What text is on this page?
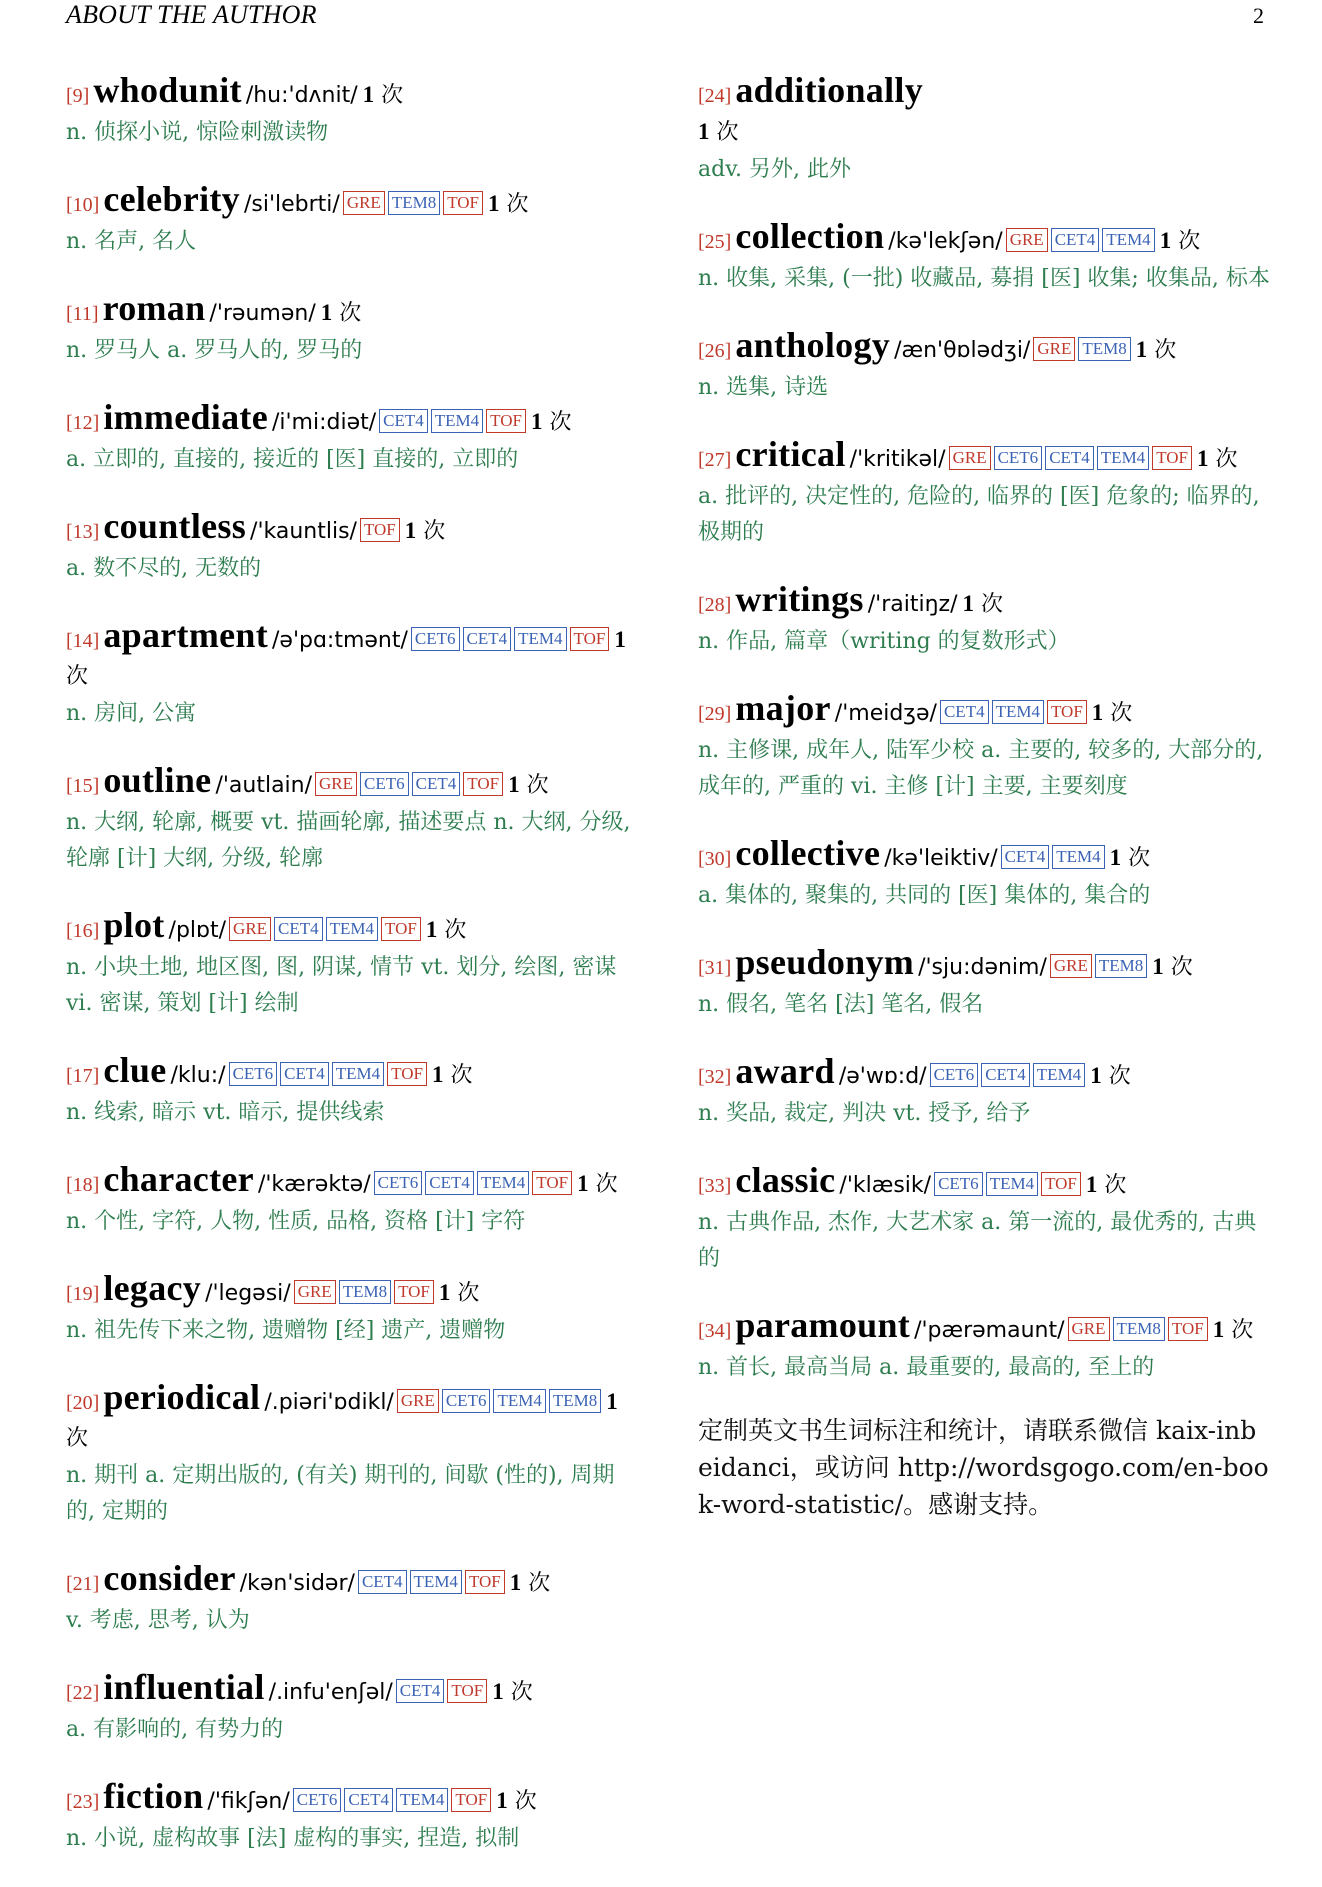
ABOUT THE AUTHOR	2
[9] whodunit /hu:'dʌnit/ 1 次
n. 侦探小说, 惊险刺激读物
[10] celebrity /si'lebrti/ GRE TEM8 TOF 1 次
n. 名声, 名人
[11] roman /'rəumən/ 1 次
n. 罗马人 a. 罗马人的, 罗马的
[12] immediate /i'mi:diət/ CET4 TEM4 TOF 1 次
a. 立即的, 直接的, 接近的 [医] 直接的, 立即的
[13] countless /'kauntlis/ TOF 1 次
a. 数不尽的, 无数的
[14] apartment /ə'pɑ:tmənt/ CET6 CET4 TEM4 TOF 1 次
n. 房间, 公寓
[15] outline /'autlain/ GRE CET6 CET4 TOF 1 次
n. 大纲, 轮廓, 概要 vt. 描画轮廓, 描述要点 n. 大纲, 分级, 轮廓 [计] 大纲, 分级, 轮廓
[16] plot /plɒt/ GRE CET4 TEM4 TOF 1 次
n. 小块土地, 地区图, 图, 阴谋, 情节 vt. 划分, 绘图, 密谋 vi. 密谋, 策划 [计] 绘制
[17] clue /klu:/ CET6 CET4 TEM4 TOF 1 次
n. 线索, 暗示 vt. 暗示, 提供线索
[18] character /'kærəktə/ CET6 CET4 TEM4 TOF 1 次
n. 个性, 字符, 人物, 性质, 品格, 资格 [计] 字符
[19] legacy /'legəsi/ GRE TEM8 TOF 1 次
n. 祖先传下来之物, 遗赠物 [经] 遗产, 遗赠物
[20] periodical /.piəri'ɒdikl/ GRE CET6 TEM4 TEM8 1 次
n. 期刊 a. 定期出版的, (有关) 期刊的, 间歇 (性的), 周期的, 定期的
[21] consider /kən'sidər/ CET4 TEM4 TOF 1 次
v. 考虑, 思考, 认为
[22] influential /.infu'enʃəl/ CET4 TOF 1 次
a. 有影响的, 有势力的
[23] fiction /'fikʃən/ CET6 CET4 TEM4 TOF 1 次
n. 小说, 虚构故事 [法] 虚构的事实, 捏造, 拟制
[24] additionally
1 次
adv. 另外, 此外
[25] collection /kə'lekʃən/ GRE CET4 TEM4 1 次
n. 收集, 采集, (一批) 收藏品, 募捐 [医] 收集; 收集品, 标本
[26] anthology /æn'θɒlədʒi/ GRE TEM8 1 次
n. 选集, 诗选
[27] critical /'kritikəl/ GRE CET6 CET4 TEM4 TOF 1 次
a. 批评的, 决定性的, 危险的, 临界的 [医] 危象的; 临界的, 极期的
[28] writings /'raitiŋz/ 1 次
n. 作品, 篇章（writing 的复数形式）
[29] major /'meidʒə/ CET4 TEM4 TOF 1 次
n. 主修课, 成年人, 陆军少校 a. 主要的, 较多的, 大部分的, 成年的, 严重的 vi. 主修 [计] 主要, 主要刻度
[30] collective /kə'leiktiv/ CET4 TEM4 1 次
a. 集体的, 聚集的, 共同的 [医] 集体的, 集合的
[31] pseudonym /'sju:dənim/ GRE TEM8 1 次
n. 假名, 笔名 [法] 笔名, 假名
[32] award /ə'wɒ:d/ CET6 CET4 TEM4 1 次
n. 奖品, 裁定, 判决 vt. 授予, 给予
[33] classic /'klæsik/ CET6 TEM4 TOF 1 次
n. 古典作品, 杰作, 大艺术家 a. 第一流的, 最优秀的, 古典的
[34] paramount /'pærəmaunt/ GRE TEM8 TOF 1 次
n. 首长, 最高当局 a. 最重要的, 最高的, 至上的
定制英文书生词标注和统计，请联系微信 kaix-inbeidanci，或访问 http://wordsgogo.com/en-book-word-statistic/。感谢支持。
